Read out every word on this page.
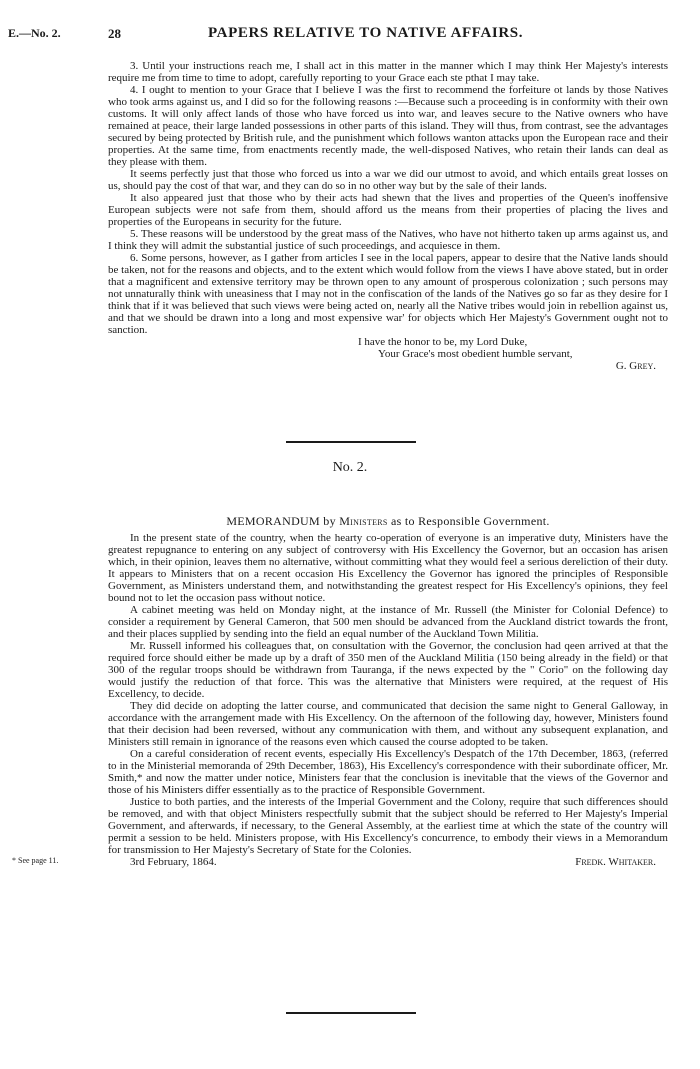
E.—No. 2.	28	PAPERS RELATIVE TO NATIVE AFFAIRS.

3. Until your instructions reach me, I shall act in this matter in the manner which I may think Her Majesty's interests require me from time to time to adopt, carefully reporting to your Grace each ste pthat I may take.

4. I ought to mention to your Grace that I believe I was the first to recommend the forfeiture ot lands by those Natives who took arms against us, and I did so for the following reasons :—Because such a proceeding is in conformity with their own customs. It will only affect lands of those who have forced us into war, and leaves secure to the Native owners who have remained at peace, their large landed possessions in other parts of this island. They will thus, from contrast, see the advantages secured by being protected by British rule, and the punishment which follows wanton attacks upon the European race and their properties. At the same time, from enactments recently made, the well-disposed Natives, who retain their lands can deal as they please with them.

It seems perfectly just that those who forced us into a war we did our utmost to avoid, and which entails great losses on us, should pay the cost of that war, and they can do so in no other way but by the sale of their lands.

It also appeared just that those who by their acts had shewn that the lives and properties of the Queen's inoffensive European subjects were not safe from them, should afford us the means from their properties of placing the lives and properties of the Europeans in security for the future.

5. These reasons will be understood by the great mass of the Natives, who have not hitherto taken up arms against us, and I think they will admit the substantial justice of such proceedings, and acquiesce in them.

6. Some persons, however, as I gather from articles I see in the local papers, appear to desire that the Native lands should be taken, not for the reasons and objects, and to the extent which would follow from the views I have above stated, but in order that a magnificent and extensive territory may be thrown open to any amount of prosperous colonization ; such persons may not unnaturally think with uneasiness that I may not in the confiscation of the lands of the Natives go so far as they desire for I think that if it was believed that such views were being acted on, nearly all the Native tribes would join in rebellion against us, and that we should be drawn into a long and most expensive war' for objects which Her Majesty's Government ought not to sanction.

I have the honor to be, my Lord Duke,
Your Grace's most obedient humble servant,
G. Grey.
No. 2.
MEMORANDUM by Ministers as to Responsible Government.

In the present state of the country, when the hearty co-operation of everyone is an imperative duty, Ministers have the greatest repugnance to entering on any subject of controversy with His Excellency the Governor, but an occasion has arisen which, in their opinion, leaves them no alternative, without committing what they would feel a serious dereliction of their duty. It appears to Ministers that on a recent occasion His Excellency the Governor has ignored the principles of Responsible Government, as Ministers understand them, and notwithstanding the greatest respect for His Excellency's opinions, they feel bound not to let the occasion pass without notice.

A cabinet meeting was held on Monday night, at the instance of Mr. Russell (the Minister for Colonial Defence) to consider a requirement by General Cameron, that 500 men should be advanced from the Auckland district towards the front, and their places supplied by sending into the field an equal number of the Auckland Town Militia.

Mr. Russell informed his colleagues that, on consultation with the Governor, the conclusion had qeen arrived at that the required force should either be made up by a draft of 350 men of the Auckland Militia (150 being already in the field) or that 300 of the regular troops should be withdrawn from Tauranga, if the news expected by the " Corio" on the following day would justify the reduction of that force. This was the alternative that Ministers were required, at the request of His Excellency, to decide.

They did decide on adopting the latter course, and communicated that decision the same night to General Galloway, in accordance with the arrangement made with His Excellency. On the afternoon of the following day, however, Ministers found that their decision had been reversed, without any communication with them, and without any subsequent explanation, and Ministers still remain in ignorance of the reasons even which caused the course adopted to be taken.

On a careful consideration of recent events, especially His Excellency's Despatch of the 17th December, 1863, (referred to in the Ministerial memoranda of 29th December, 1863), His Excellency's correspondence with their subordinate officer, Mr. Smith,* and now the matter under notice, Ministers fear that the conclusion is inevitable that the views of the Governor and those of his Ministers differ essentially as to the practice of Responsible Government.

Justice to both parties, and the interests of the Imperial Government and the Colony, require that such differences should be removed, and with that object Ministers respectfully submit that the subject should be referred to Her Majesty's Imperial Government, and afterwards, if necessary, to the General Assembly, at the earliest time at which the state of the country will permit a session to be held. Ministers propose, with His Excellency's concurrence, to embody their views in a Memorandum for transmission to Her Majesty's Secretary of State for the Colonies.

3rd February, 1864.	Fredk. Whitaker.
* See page 11.
